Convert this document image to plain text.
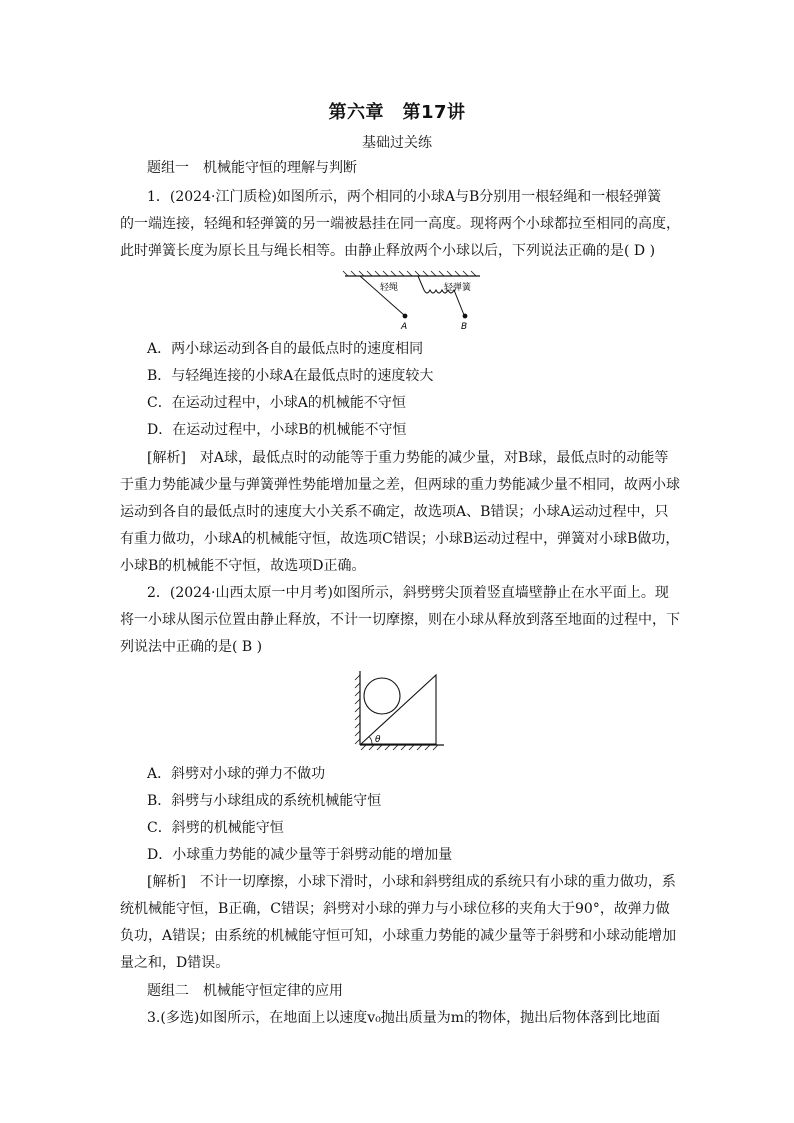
第六章　第17讲
基础过关练
题组一　机械能守恒的理解与判断
1．(2024·江门质检)如图所示，两个相同的小球A与B分别用一根轻绳和一根轻弹簧
的一端连接，轻绳和轻弹簧的另一端被悬挂在同一高度。现将两个小球都拉至相同的高度，
此时弹簧长度为原长且与绳长相等。由静止释放两个小球以后，下列说法正确的是( D )
轻绳	轻弹簧
A	B
A．两小球运动到各自的最低点时的速度相同
B．与轻绳连接的小球A在最低点时的速度较大
C．在运动过程中，小球A的机械能不守恒
D．在运动过程中，小球B的机械能不守恒
[解析]　对A球，最低点时的动能等于重力势能的减少量，对B球，最低点时的动能等
于重力势能减少量与弹簧弹性势能增加量之差，但两球的重力势能减少量不相同，故两小球
运动到各自的最低点时的速度大小关系不确定，故选项A、B错误；小球A运动过程中，只
有重力做功，小球A的机械能守恒，故选项C错误；小球B运动过程中，弹簧对小球B做功，
小球B的机械能不守恒，故选项D正确。
2．(2024·山西太原一中月考)如图所示，斜劈劈尖顶着竖直墙壁静止在水平面上。现
将一小球从图示位置由静止释放，不计一切摩擦，则在小球从释放到落至地面的过程中，下
列说法中正确的是( B )
θ
A．斜劈对小球的弹力不做功
B．斜劈与小球组成的系统机械能守恒
C．斜劈的机械能守恒
D．小球重力势能的减少量等于斜劈动能的增加量
[解析]　不计一切摩擦，小球下滑时，小球和斜劈组成的系统只有小球的重力做功，系
统机械能守恒，B正确，C错误；斜劈对小球的弹力与小球位移的夹角大于90°，故弹力做
负功，A错误；由系统的机械能守恒可知，小球重力势能的减少量等于斜劈和小球动能增加
量之和，D错误。
题组二　机械能守恒定律的应用
3.(多选)如图所示，在地面上以速度v₀抛出质量为m的物体，抛出后物体落到比地面
